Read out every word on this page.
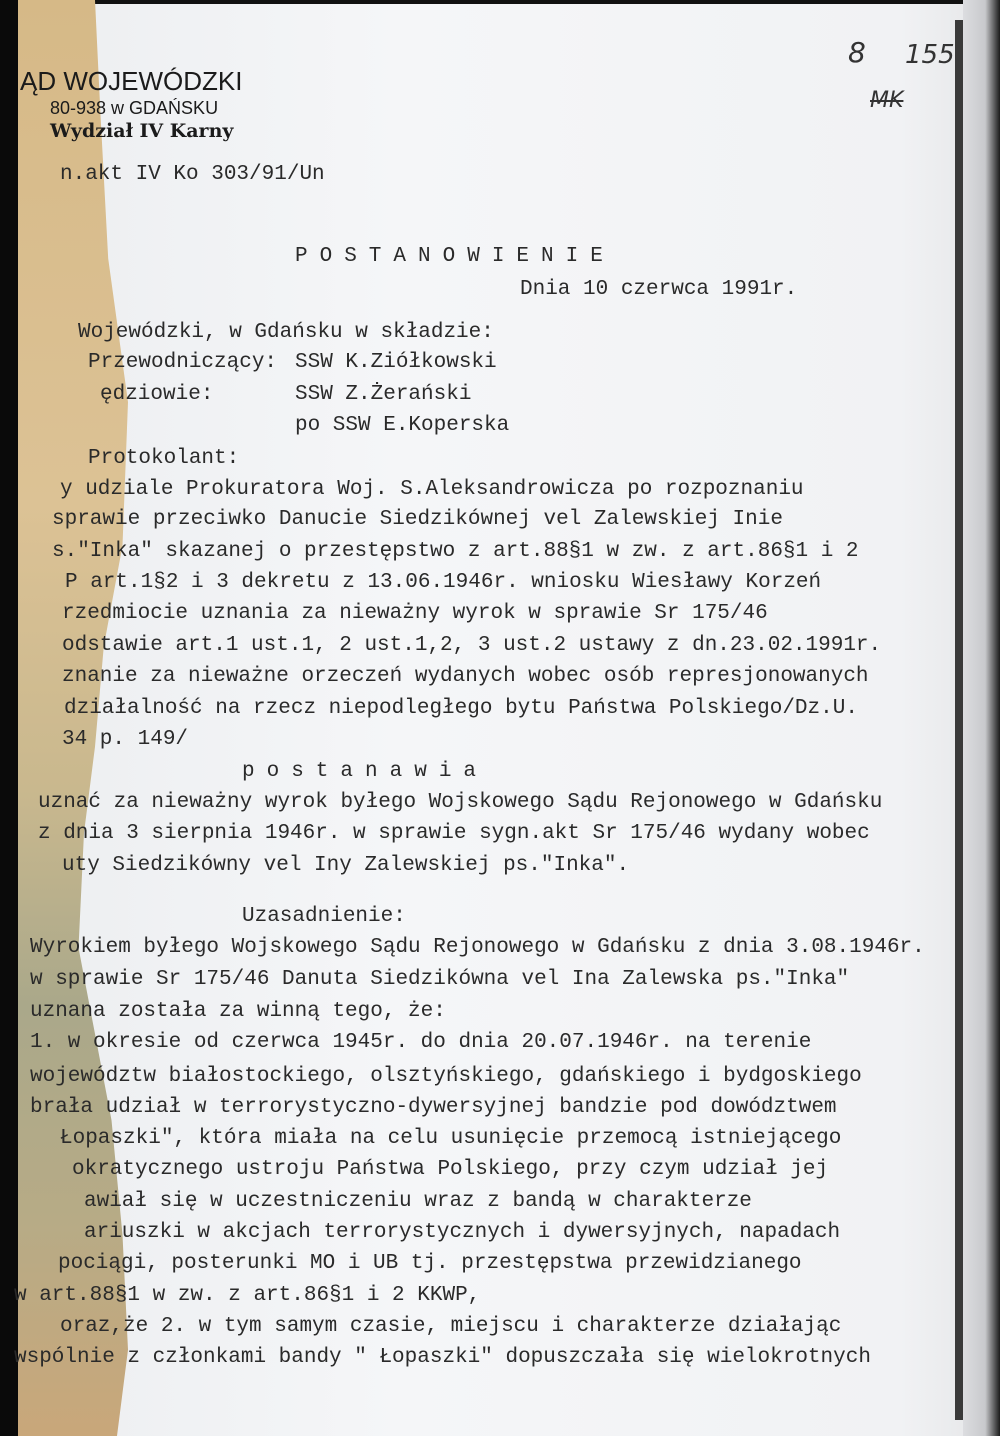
ĄD WOJEWÓDZKI
80-938 w GDAŃSKU
Wydział IV Karny
8 155
MK
n.akt IV Ko 303/91/Un
POSTANOWIENIE
Dnia 10 czerwca 1991r.
Wojewódzki, w Gdańsku w składzie:
Przewodniczący: SSW K.Ziółkowski
ędziowie:	SSW Z.Żerański
po SSW E.Koperska
Protokolant:
y udziale Prokuratora Woj. S.Aleksandrowicza po rozpoznaniu
sprawie przeciwko Danucie Siedzikównej vel Zalewskiej Inie
s."Inka" skazanej o przestępstwo z art.88§1 w zw. z art.86§1 i 2
P art.1§2 i 3 dekretu z 13.06.1946r. wniosku Wiesławy Korzeń
rzedmiocie uznania za nieważny wyrok w sprawie Sr 175/46
odstawie art.1 ust.1, 2 ust.1,2, 3 ust.2 ustawy z dn.23.02.1991r.
znanie za nieważne orzeczeń wydanych wobec osób represjonowanych
działalność na rzecz niepodległego bytu Państwa Polskiego/Dz.U.
34 p. 149/
postanawia
uznać za nieważny wyrok byłego Wojskowego Sądu Rejonowego w Gdańsku
z dnia 3 sierpnia 1946r. w sprawie sygn.akt Sr 175/46 wydany wobec
uty Siedzikówny vel Iny Zalewskiej ps."Inka".
Uzasadnienie:
Wyrokiem byłego Wojskowego Sądu Rejonowego w Gdańsku z dnia 3.08.1946r.
w sprawie Sr 175/46 Danuta Siedzikówna vel Ina Zalewska ps."Inka"
uznana została za winną tego, że:
1. w okresie od czerwca 1945r. do dnia 20.07.1946r. na terenie
województw białostockiego, olsztyńskiego, gdańskiego i bydgoskiego
brała udział w terrorystyczno-dywersyjnej bandzie pod dowództwem
Łopaszki", która miała na celu usunięcie przemocą istniejącego
okratycznego ustroju Państwa Polskiego, przy czym udział jej
awiał się w uczestniczeniu wraz z bandą w charakterze
ariuszki w akcjach terrorystycznych i dywersyjnych, napadach
pociągi, posterunki MO i UB tj. przestępstwa przewidzianego
w art.88§1 w zw. z art.86§1 i 2 KKWP,
oraz,że 2. w tym samym czasie, miejscu i charakterze działając
wspólnie z członkami bandy " Łopaszki" dopuszczała się wielokrotnych
